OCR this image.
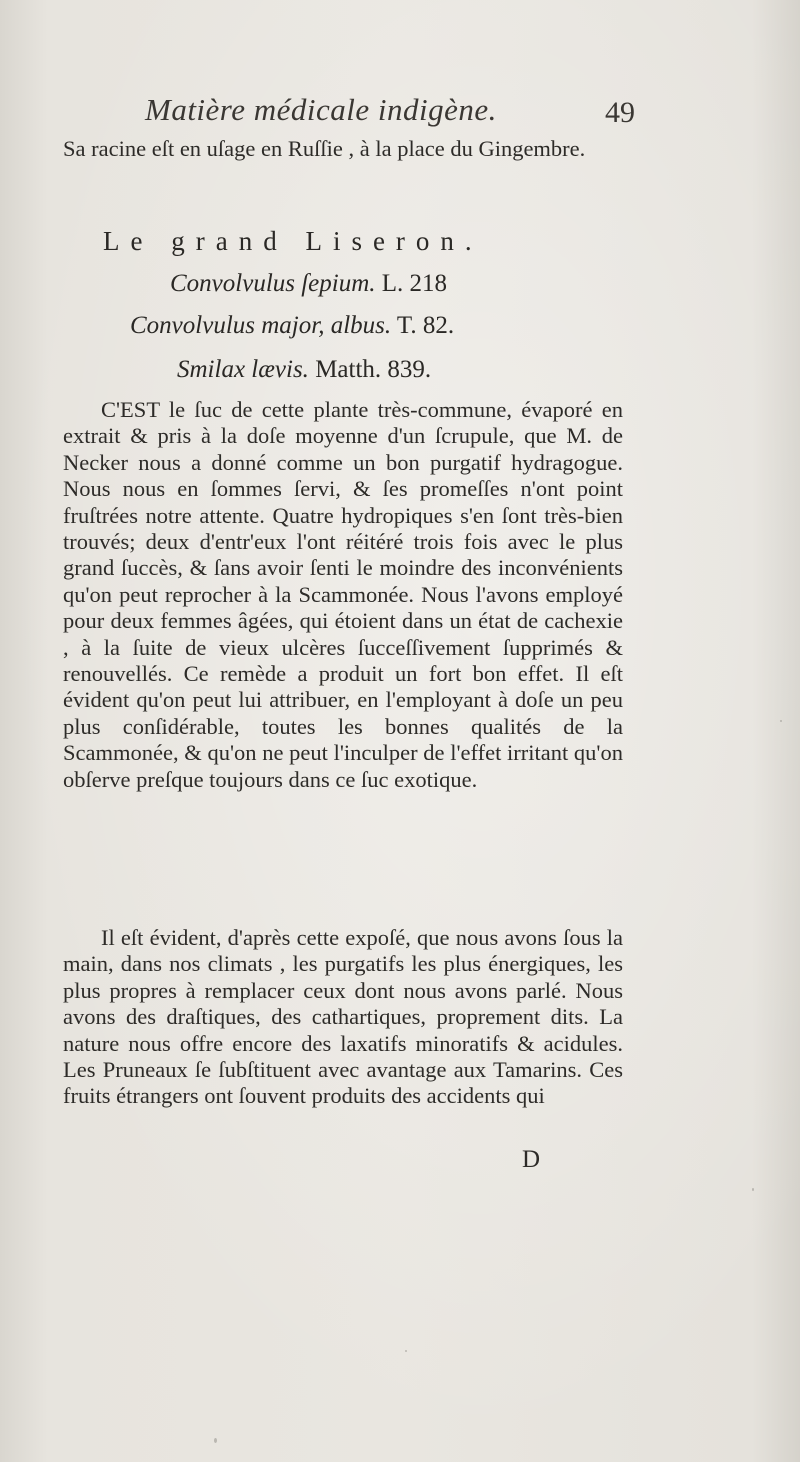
Matière médicale indigène.	49

Sa racine eſt en uſage en Ruſſie , à la place du Gingembre.

Le grand Liseron.
Convolvulus ſepium. L. 218
Convolvulus major, albus. T. 82.
Smilax lævis. Matth. 839.

C'EST le ſuc de cette plante très-commune, évaporé en extrait & pris à la doſe moyenne d'un ſcrupule, que M. de Necker nous a donné comme un bon purgatif hydragogue. Nous nous en ſommes ſervi, & ſes promeſſes n'ont point fruſtrées notre attente. Quatre hydropiques s'en ſont très-bien trouvés; deux d'entr'eux l'ont réitéré trois fois avec le plus grand ſuccès, & ſans avoir ſenti le moindre des inconvénients qu'on peut reprocher à la Scammonée. Nous l'avons employé pour deux femmes âgées, qui étoient dans un état de cachexie , à la ſuite de vieux ulcères ſucceſſivement ſupprimés & renouvellés. Ce remède a produit un fort bon effet. Il eſt évident qu'on peut lui attribuer, en l'employant à doſe un peu plus conſidérable, toutes les bonnes qualités de la Scammonée, & qu'on ne peut l'inculper de l'effet irritant qu'on obſerve preſque toujours dans ce ſuc exotique.

Il eſt évident, d'après cette expoſé, que nous avons ſous la main, dans nos climats , les purgatifs les plus énergiques, les plus propres à remplacer ceux dont nous avons parlé. Nous avons des draſtiques, des cathartiques, proprement dits. La nature nous offre encore des laxatifs minoratifs & acidules. Les Pruneaux ſe ſubſtituent avec avantage aux Tamarins. Ces fruits étrangers ont ſouvent produits des accidents qui

D
